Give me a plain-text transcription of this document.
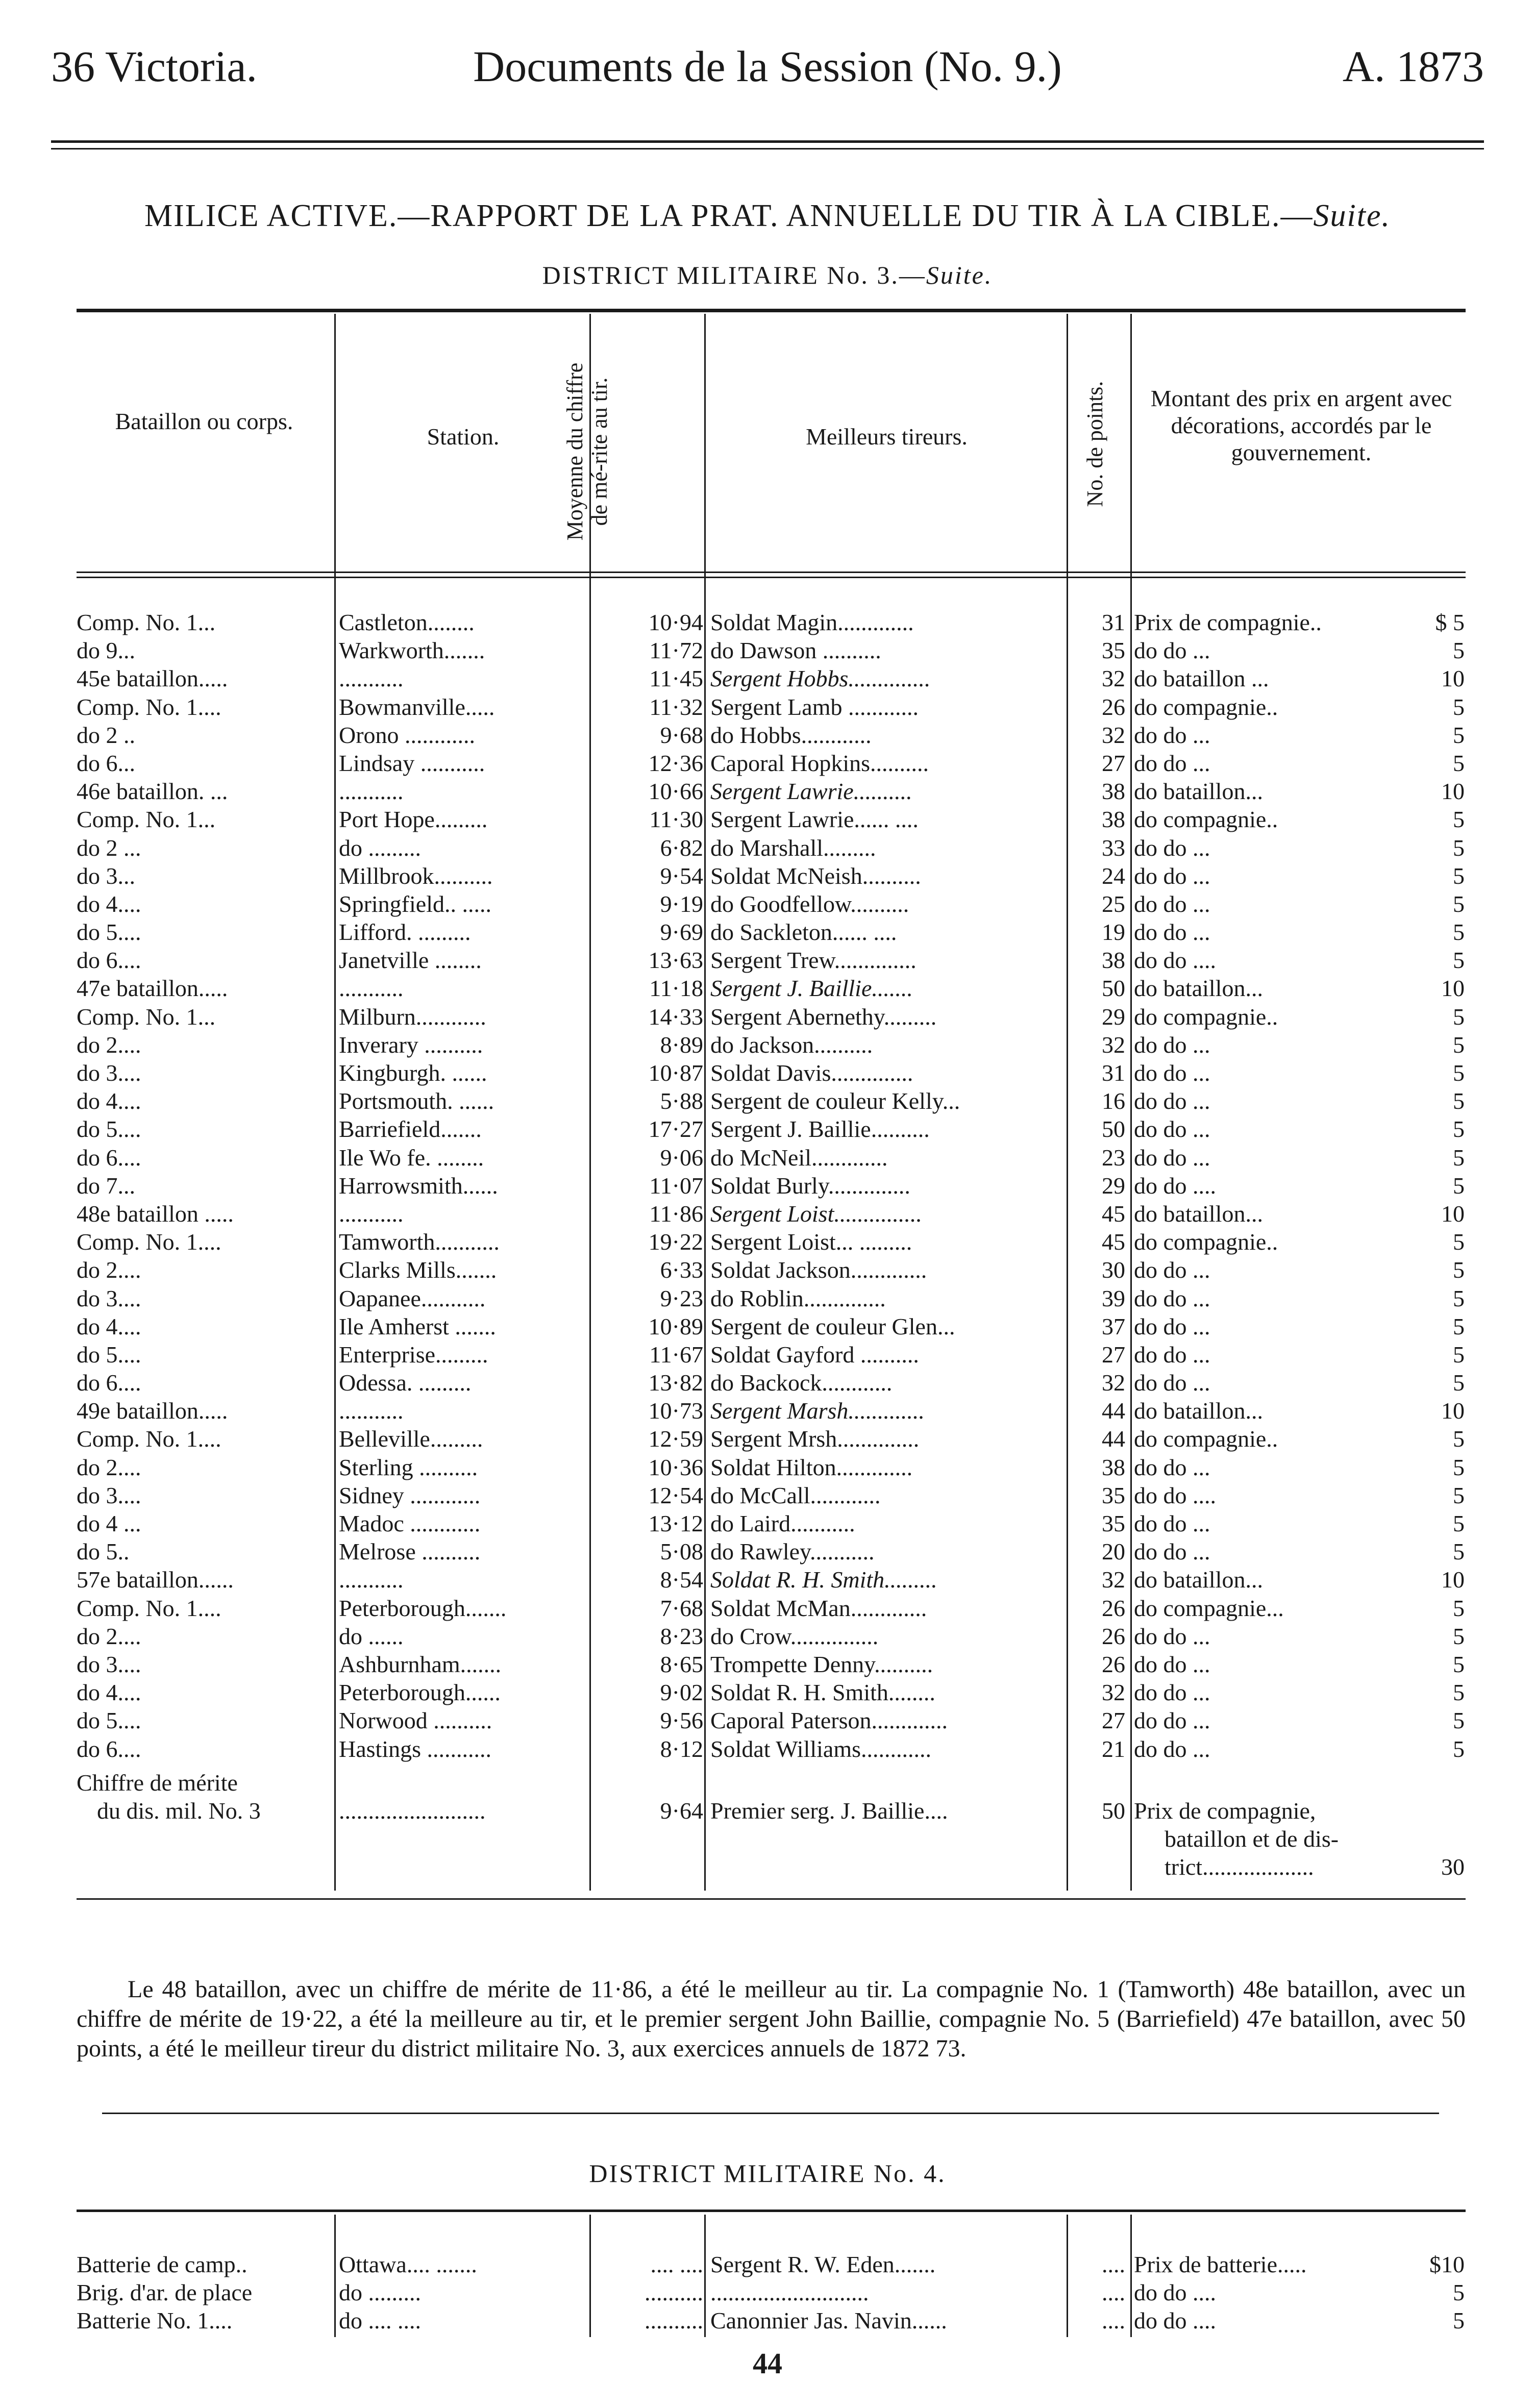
36 Victoria.	Documents de la Session (No. 9.)	A. 1873
MILICE ACTIVE.—RAPPORT DE LA PRAT. ANNUELLE DU TIR À LA CIBLE.—Suite.
DISTRICT MILITAIRE No. 3.—Suite.
Bataillon ou corps.
Station.	Moyenne du chiffre de mé-rite au tir.	Meilleurs tireurs.	No. de points.	Montant des prix en argent avec décorations, accordés par le gouvernement.
Comp. No. 1...	Castleton........	10·94 Soldat Magin.............	31 Prix de compagnie..	$ 5
do 9...	Warkworth.......	11·72 do Dawson ..........	35 do do ...	5
45e bataillon.....	...........	11·45 Sergent Hobbs..............	32 do bataillon ...	10
Comp. No. 1....	Bowmanville.....	11·32 Sergent Lamb ............	26 do compagnie..	5
do 2 ..	Orono ............	9·68 do Hobbs............	32 do do ...	5
do 6...	Lindsay ...........	12·36 Caporal Hopkins..........	27 do do ...	5
46e bataillon. ...	...........	10·66 Sergent Lawrie..........	38 do bataillon...	10
Comp. No. 1...	Port Hope.........	11·30 Sergent Lawrie...... ....	38 do compagnie..	5
do 2 ...	do .........	6·82 do Marshall.........	33 do do ...	5
do 3...	Millbrook..........	9·54 Soldat McNeish..........	24 do do ...	5
do 4....	Springfield.. .....	9·19 do Goodfellow..........	25 do do ...	5
do 5....	Lifford. .........	9·69 do Sackleton...... ....	19 do do ...	5
do 6....	Janetville ........	13·63 Sergent Trew..............	38 do do ....	5
47e bataillon.....	...........	11·18 Sergent J. Baillie.......	50 do bataillon...	10
Comp. No. 1...	Milburn............	14·33 Sergent Abernethy.........	29 do compagnie..	5
do 2....	Inverary ..........	8·89 do Jackson..........	32 do do ...	5
do 3....	Kingburgh. ......	10·87 Soldat Davis..............	31 do do ...	5
do 4....	Portsmouth. ......	5·88 Sergent de couleur Kelly...	16 do do ...	5
do 5....	Barriefield.......	17·27 Sergent J. Baillie..........	50 do do ...	5
do 6....	Ile Wo fe. ........	9·06 do McNeil.............	23 do do ...	5
do 7...	Harrowsmith......	11·07 Soldat Burly..............	29 do do ....	5
48e bataillon .....	...........	11·86 Sergent Loist...............	45 do bataillon...	10
Comp. No. 1....	Tamworth...........	19·22 Sergent Loist... .........	45 do compagnie..	5
do 2....	Clarks Mills.......	6·33 Soldat Jackson.............	30 do do ...	5
do 3....	Oapanee...........	9·23 do Roblin..............	39 do do ...	5
do 4....	Ile Amherst .......	10·89 Sergent de couleur Glen...	37 do do ...	5
do 5....	Enterprise.........	11·67 Soldat Gayford ..........	27 do do ...	5
do 6....	Odessa. .........	13·82 do Backock............	32 do do ...	5
49e bataillon.....	...........	10·73 Sergent Marsh.............	44 do bataillon...	10
Comp. No. 1....	Belleville.........	12·59 Sergent Mrsh..............	44 do compagnie..	5
do 2....	Sterling ..........	10·36 Soldat Hilton.............	38 do do ...	5
do 3....	Sidney ............	12·54 do McCall............	35 do do ....	5
do 4 ...	Madoc ............	13·12 do Laird...........	35 do do ...	5
do 5..	Melrose ..........	5·08 do Rawley...........	20 do do ...	5
57e bataillon......	...........	8·54 Soldat R. H. Smith.........	32 do bataillon...	10
Comp. No. 1....	Peterborough.......	7·68 Soldat McMan.............	26 do compagnie...	5
do 2....	do ......	8·23 do Crow...............	26 do do ...	5
do 3....	Ashburnham.......	8·65 Trompette Denny..........	26 do do ...	5
do 4....	Peterborough......	9·02 Soldat R. H. Smith........	32 do do ...	5
do 5....	Norwood ..........	9·56 Caporal Paterson.............	27 do do ...	5
do 6....	Hastings ...........	8·12 Soldat Williams............	21 do do ...	5
Chiffre de mérite
du dis. mil. No. 3	.........................	9·64 Premier serg. J. Baillie....	50 Prix de compagnie,
bataillon et de dis-
trict...................	30
Le 48 bataillon, avec un chiffre de mérite de 11·86, a été le meilleur au tir. La compagnie No. 1 (Tamworth) 48e bataillon, avec un chiffre de mérite de 19·22, a été la meilleure au tir, et le premier sergent John Baillie, compagnie No. 5 (Barriefield) 47e bataillon, avec 50 points, a été le meilleur tireur du district militaire No. 3, aux exercices annuels de 1872 73.
DISTRICT MILITAIRE No. 4.
Batterie de camp..	Ottawa.... .......	.... .... Sergent R. W. Eden.......	.... Prix de batterie.....	$10
Brig. d'ar. de place	do .........	.......... ...........................	.... do do ....	5
Batterie No. 1....	do .... ....	.......... Canonnier Jas. Navin......	.... do do ....	5
44
